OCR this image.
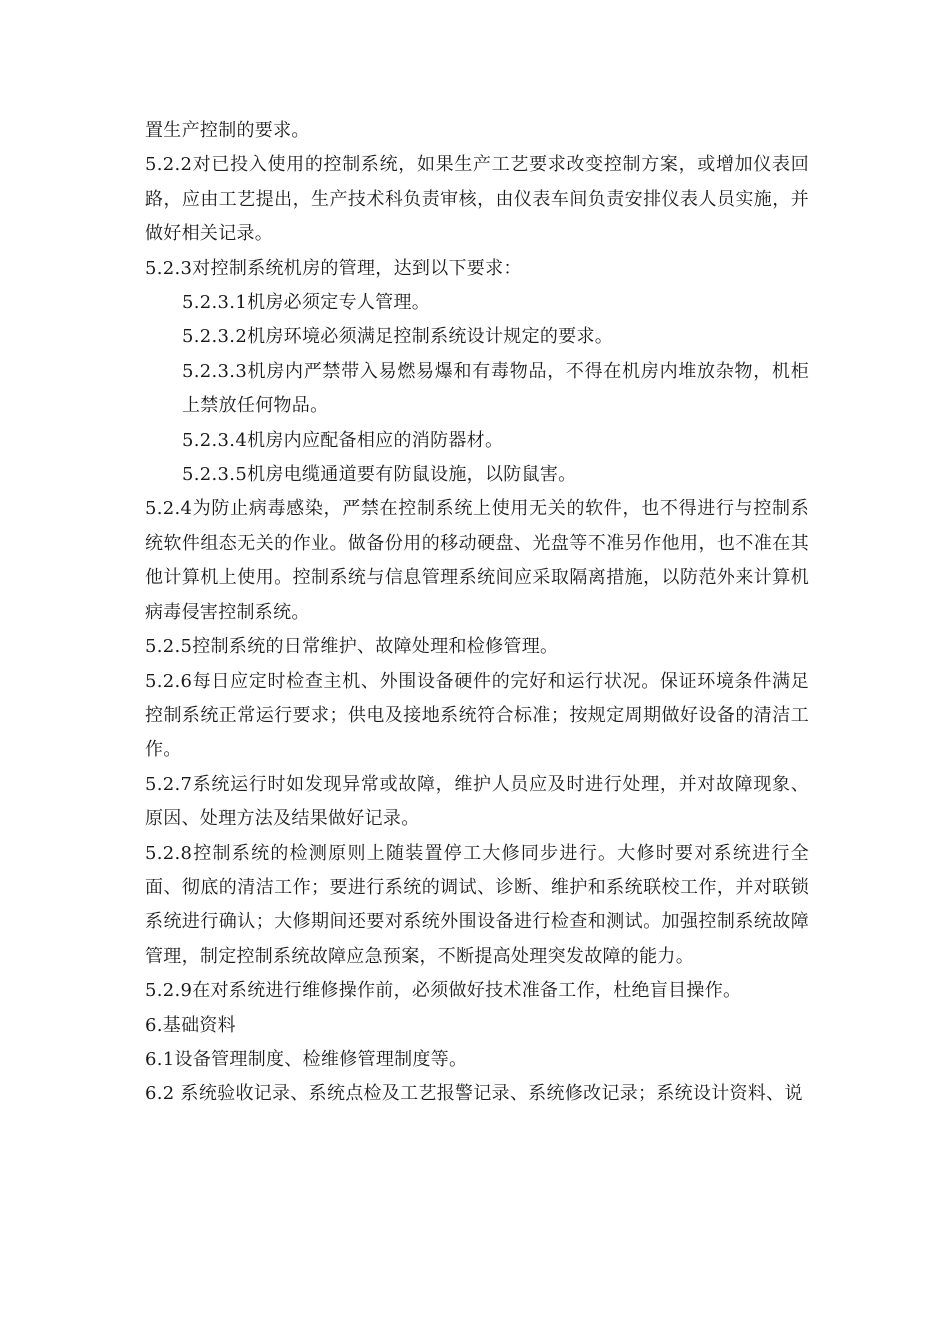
置生产控制的要求。

5.2.2对已投入使用的控制系统，如果生产工艺要求改变控制方案，或增加仪表回路，应由工艺提出，生产技术科负责审核，由仪表车间负责安排仪表人员实施，并做好相关记录。

5.2.3对控制系统机房的管理，达到以下要求：

5.2.3.1机房必须定专人管理。

5.2.3.2机房环境必须满足控制系统设计规定的要求。

5.2.3.3机房内严禁带入易燃易爆和有毒物品，不得在机房内堆放杂物，机柜上禁放任何物品。

5.2.3.4机房内应配备相应的消防器材。

5.2.3.5机房电缆通道要有防鼠设施，以防鼠害。

5.2.4为防止病毒感染，严禁在控制系统上使用无关的软件，也不得进行与控制系统软件组态无关的作业。做备份用的移动硬盘、光盘等不准另作他用，也不准在其他计算机上使用。控制系统与信息管理系统间应采取隔离措施，以防范外来计算机病毒侵害控制系统。

5.2.5控制系统的日常维护、故障处理和检修管理。

5.2.6每日应定时检查主机、外围设备硬件的完好和运行状况。保证环境条件满足控制系统正常运行要求；供电及接地系统符合标准；按规定周期做好设备的清洁工作。

5.2.7系统运行时如发现异常或故障，维护人员应及时进行处理，并对故障现象、原因、处理方法及结果做好记录。

5.2.8控制系统的检测原则上随装置停工大修同步进行。大修时要对系统进行全面、彻底的清洁工作；要进行系统的调试、诊断、维护和系统联校工作，并对联锁系统进行确认；大修期间还要对系统外围设备进行检查和测试。加强控制系统故障管理，制定控制系统故障应急预案，不断提高处理突发故障的能力。

5.2.9在对系统进行维修操作前，必须做好技术准备工作，杜绝盲目操作。

6.基础资料

6.1设备管理制度、检维修管理制度等。

6.2 系统验收记录、系统点检及工艺报警记录、系统修改记录；系统设计资料、说
